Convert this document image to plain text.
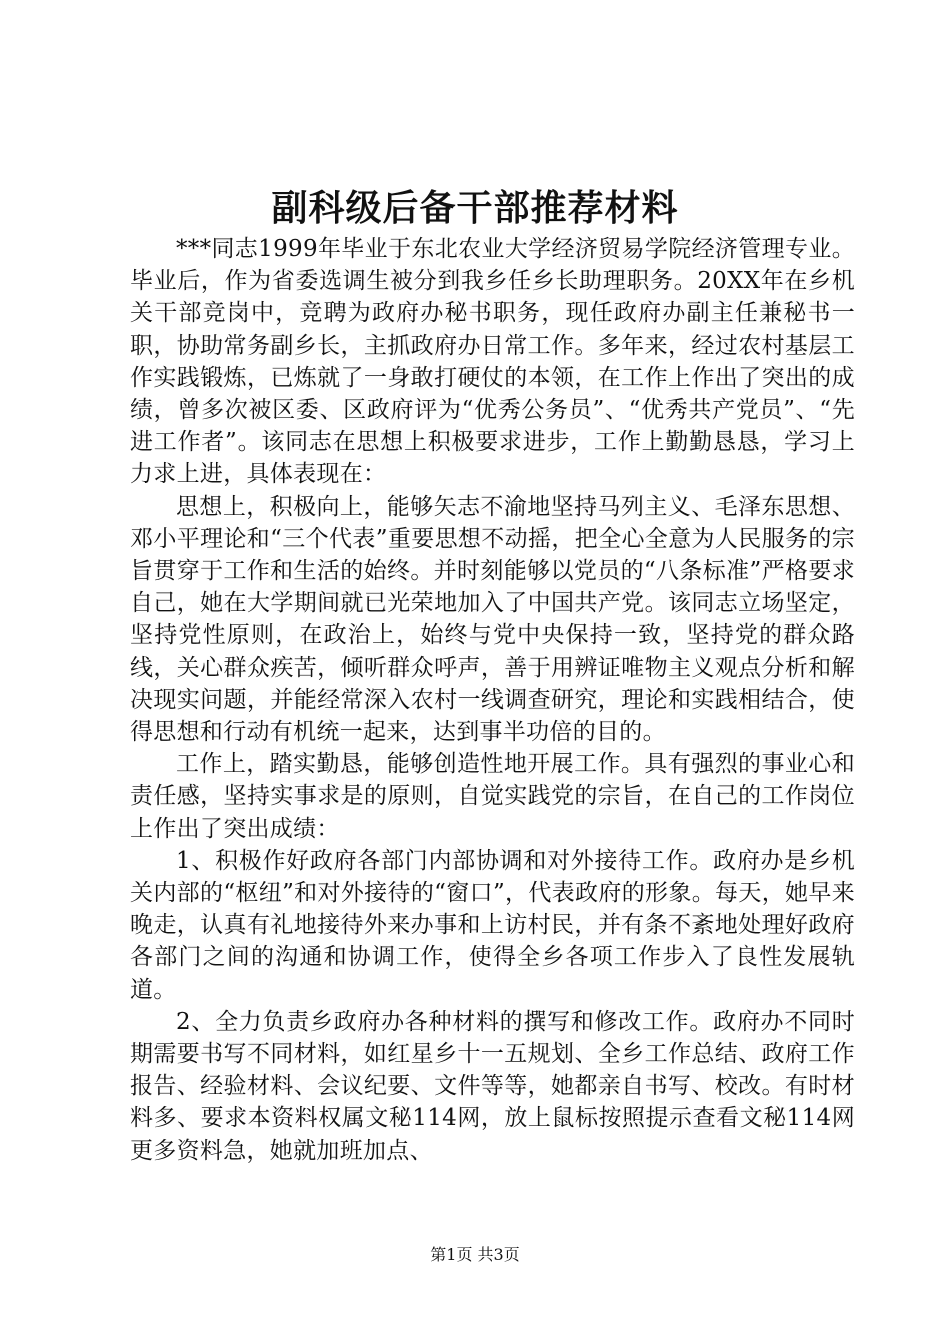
副科级后备干部推荐材料

***同志1999年毕业于东北农业大学经济贸易学院经济管理专业。毕业后，作为省委选调生被分到我乡任乡长助理职务。20XX年在乡机关干部竞岗中，竞聘为政府办秘书职务，现任政府办副主任兼秘书一职，协助常务副乡长，主抓政府办日常工作。多年来，经过农村基层工作实践锻炼，已炼就了一身敢打硬仗的本领，在工作上作出了突出的成绩，曾多次被区委、区政府评为“优秀公务员”、“优秀共产党员”、“先进工作者”。该同志在思想上积极要求进步，工作上勤勤恳恳，学习上力求上进，具体表现在：

思想上，积极向上，能够矢志不渝地坚持马列主义、毛泽东思想、邓小平理论和“三个代表”重要思想不动摇，把全心全意为人民服务的宗旨贯穿于工作和生活的始终。并时刻能够以党员的“八条标准”严格要求自己，她在大学期间就已光荣地加入了中国共产党。该同志立场坚定，坚持党性原则，在政治上，始终与党中央保持一致，坚持党的群众路线，关心群众疾苦，倾听群众呼声，善于用辨证唯物主义观点分析和解决现实问题，并能经常深入农村一线调查研究，理论和实践相结合，使得思想和行动有机统一起来，达到事半功倍的目的。

工作上，踏实勤恳，能够创造性地开展工作。具有强烈的事业心和责任感，坚持实事求是的原则，自觉实践党的宗旨，在自己的工作岗位上作出了突出成绩：

1、积极作好政府各部门内部协调和对外接待工作。政府办是乡机关内部的“枢纽”和对外接待的“窗口”，代表政府的形象。每天，她早来晚走，认真有礼地接待外来办事和上访村民，并有条不紊地处理好政府各部门之间的沟通和协调工作，使得全乡各项工作步入了良性发展轨道。

2、全力负责乡政府办各种材料的撰写和修改工作。政府办不同时期需要书写不同材料，如红星乡十一五规划、全乡工作总结、政府工作报告、经验材料、会议纪要、文件等等，她都亲自书写、校改。有时材料多、要求本资料权属文秘114网，放上鼠标按照提示查看文秘114网更多资料急，她就加班加点、

第1页 共3页
